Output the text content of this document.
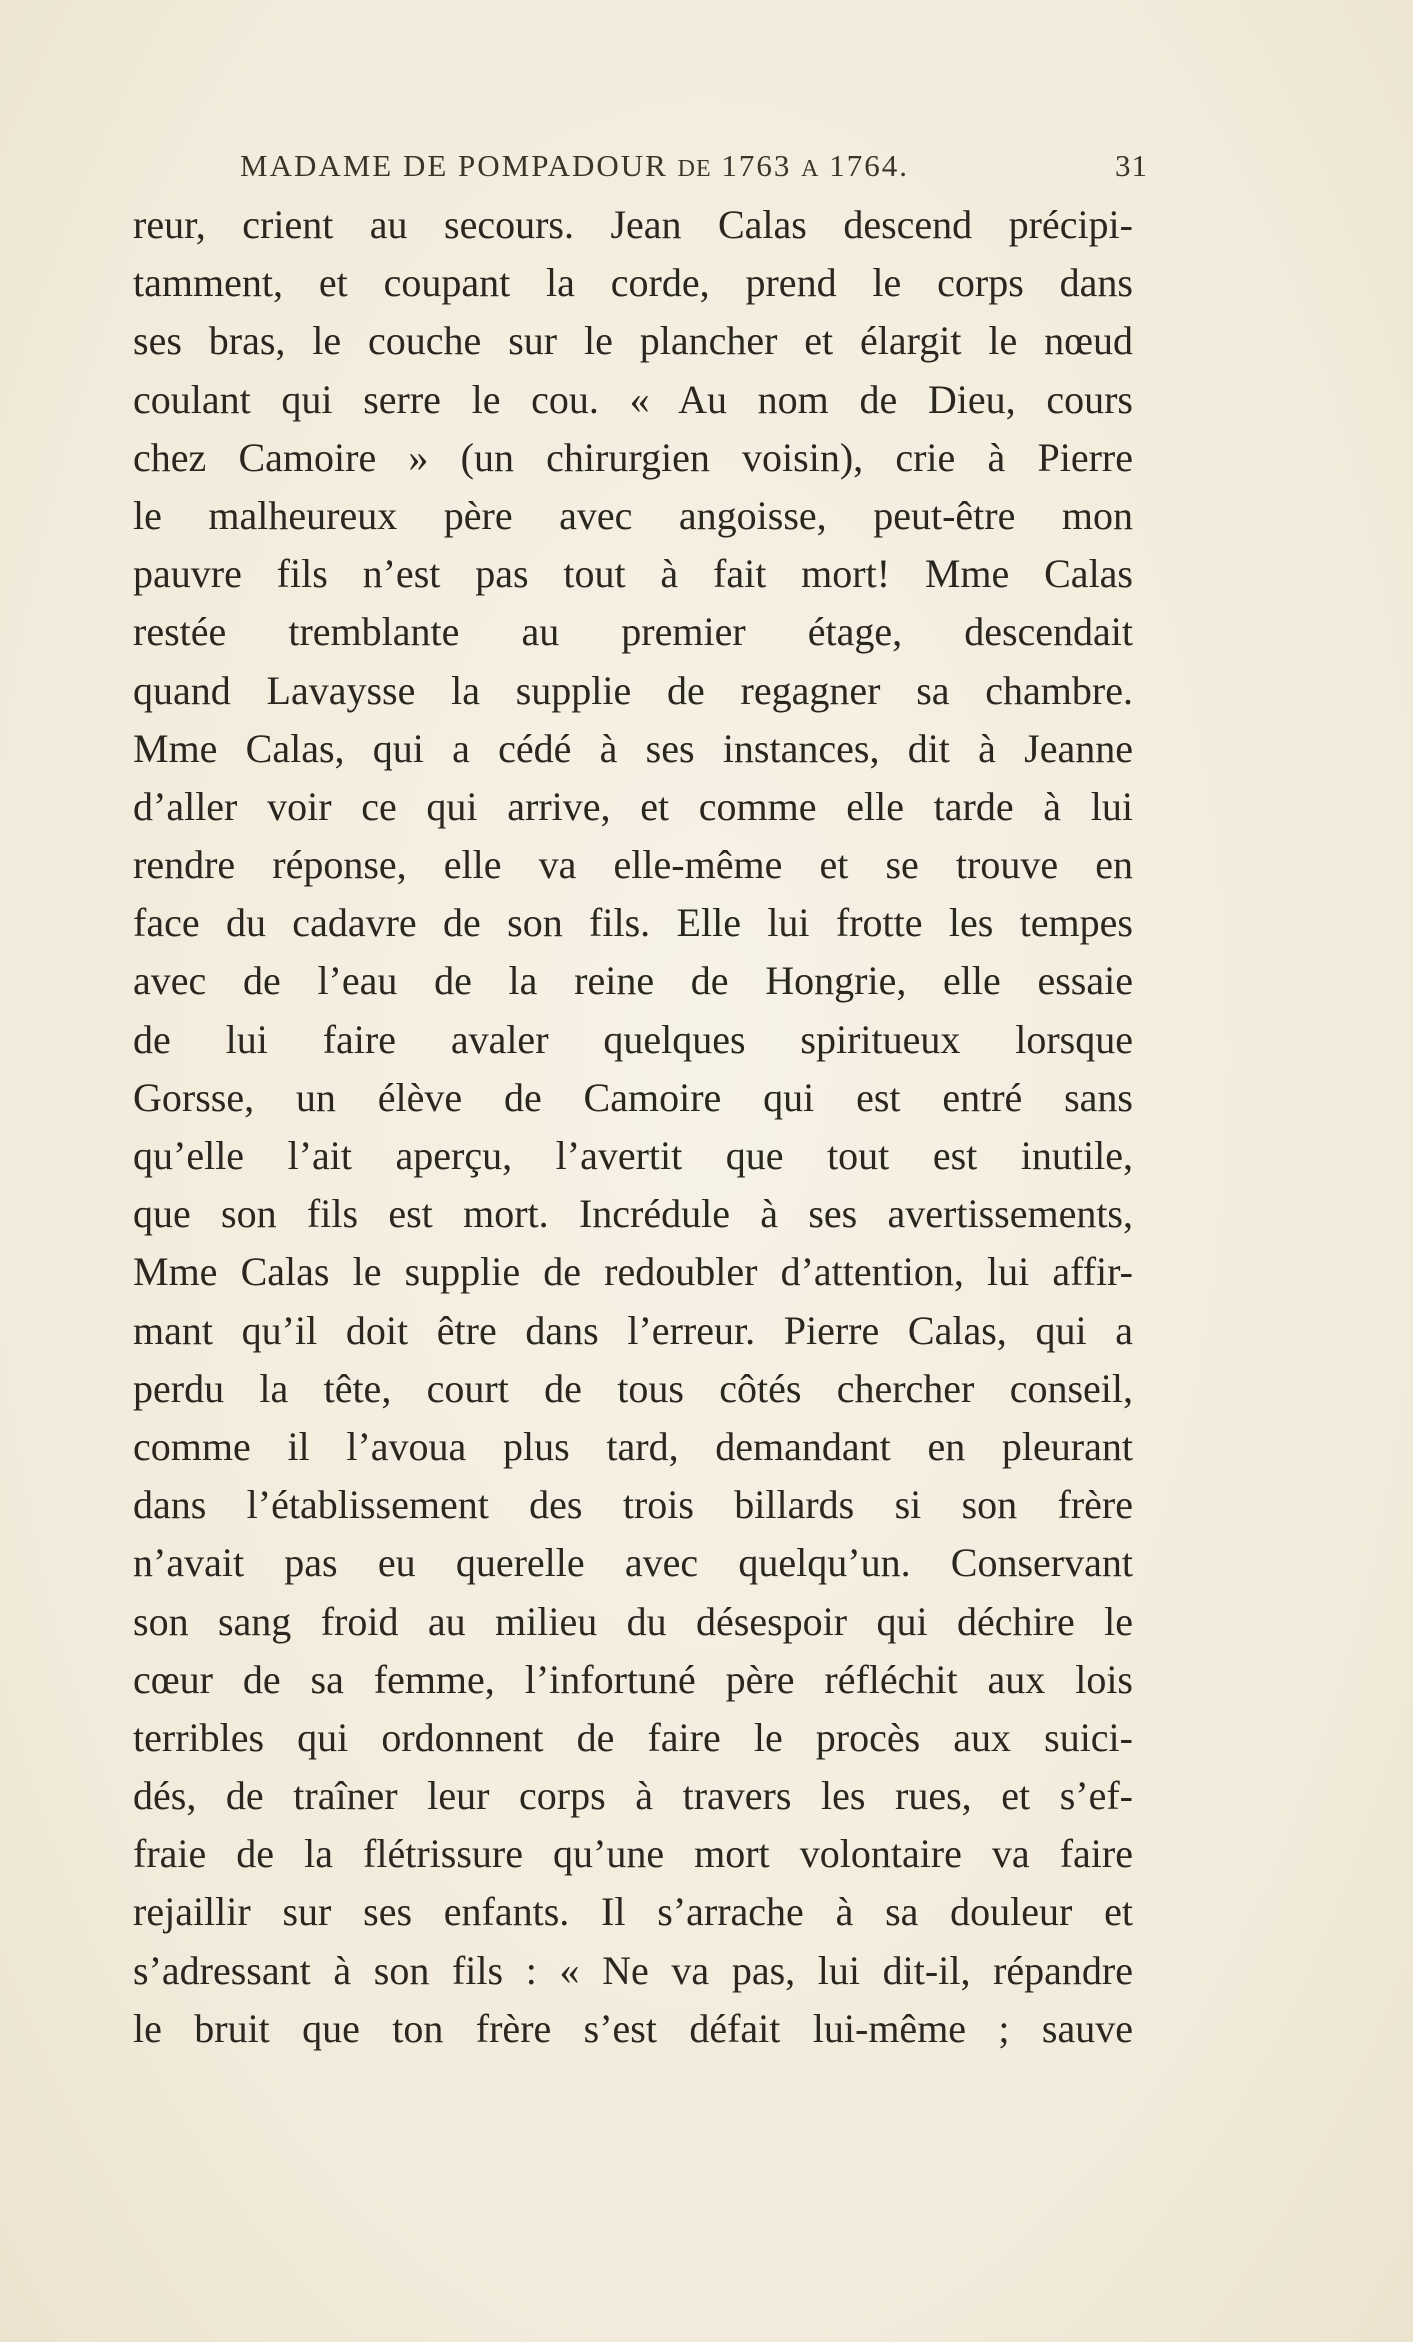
MADAME DE POMPADOUR DE 1763 A 1764.	31
reur, crient au secours. Jean Calas descend précipi-
tamment, et coupant la corde, prend le corps dans
ses bras, le couche sur le plancher et élargit le nœud
coulant qui serre le cou. « Au nom de Dieu, cours
chez Camoire » (un chirurgien voisin), crie à Pierre
le malheureux père avec angoisse, peut-être mon
pauvre fils n’est pas tout à fait mort! Mme Calas
restée tremblante au premier étage, descendait
quand Lavaysse la supplie de regagner sa chambre.
Mme Calas, qui a cédé à ses instances, dit à Jeanne
d’aller voir ce qui arrive, et comme elle tarde à lui
rendre réponse, elle va elle-même et se trouve en
face du cadavre de son fils. Elle lui frotte les tempes
avec de l’eau de la reine de Hongrie, elle essaie
de lui faire avaler quelques spiritueux lorsque
Gorsse, un élève de Camoire qui est entré sans
qu’elle l’ait aperçu, l’avertit que tout est inutile,
que son fils est mort. Incrédule à ses avertissements,
Mme Calas le supplie de redoubler d’attention, lui affir-
mant qu’il doit être dans l’erreur. Pierre Calas, qui a
perdu la tête, court de tous côtés chercher conseil,
comme il l’avoua plus tard, demandant en pleurant
dans l’établissement des trois billards si son frère
n’avait pas eu querelle avec quelqu’un. Conservant
son sang froid au milieu du désespoir qui déchire le
cœur de sa femme, l’infortuné père réfléchit aux lois
terribles qui ordonnent de faire le procès aux suici-
dés, de traîner leur corps à travers les rues, et s’ef-
fraie de la flétrissure qu’une mort volontaire va faire
rejaillir sur ses enfants. Il s’arrache à sa douleur et
s’adressant à son fils : « Ne va pas, lui dit-il, répandre
le bruit que ton frère s’est défait lui-même ; sauve
